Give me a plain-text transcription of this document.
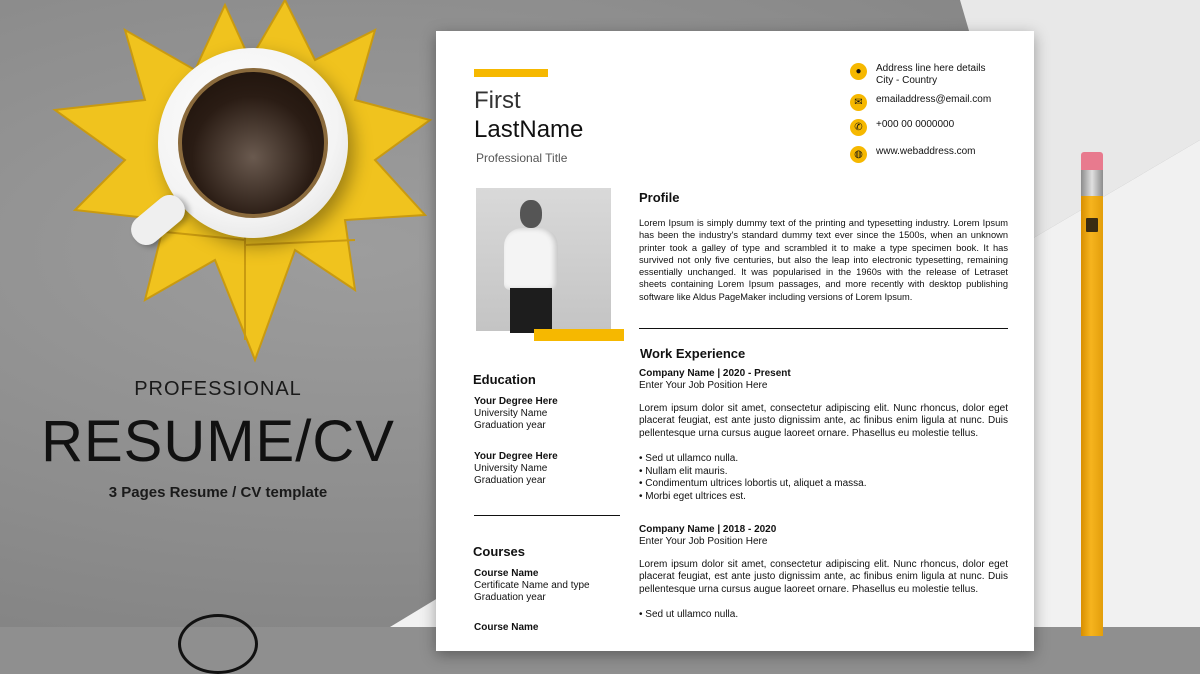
PROFESSIONAL
RESUME/CV
3 Pages Resume / CV template
First
LastName
Professional Title
●	Address line here details
City - Country
✉	emailaddress@email.com
✆	+000 00 0000000
◍	www.webaddress.com
Profile
Lorem Ipsum is simply dummy text of the printing and typesetting industry. Lorem Ipsum has been the industry's standard dummy text ever since the 1500s, when an unknown printer took a galley of type and scrambled it to make a type specimen book. It has survived not only five centuries, but also the leap into electronic typesetting, remaining essentially unchanged. It was popularised in the 1960s with the release of Letraset sheets containing Lorem Ipsum passages, and more recently with desktop publishing software like Aldus PageMaker including versions of Lorem Ipsum.
Work Experience
Company Name | 2020 - Present
Enter Your Job Position Here
Lorem ipsum dolor sit amet, consectetur adipiscing elit. Nunc rhoncus, dolor eget placerat feugiat, est ante justo dignissim ante, ac finibus enim ligula at nunc. Duis pellentesque urna cursus augue laoreet ornare. Phasellus eu molestie tellus.
• Sed ut ullamco nulla.
• Nullam elit mauris.
• Condimentum ultrices lobortis ut, aliquet a massa.
• Morbi eget ultrices est.
Company Name | 2018 - 2020
Enter Your Job Position Here
Lorem ipsum dolor sit amet, consectetur adipiscing elit. Nunc rhoncus, dolor eget placerat feugiat, est ante justo dignissim ante, ac finibus enim ligula at nunc. Duis pellentesque urna cursus augue laoreet ornare. Phasellus eu molestie tellus.
• Sed ut ullamco nulla.
Education
Your Degree Here
University Name
Graduation year
Your Degree Here
University Name
Graduation year
Courses
Course Name
Certificate Name and type
Graduation year
Course Name
